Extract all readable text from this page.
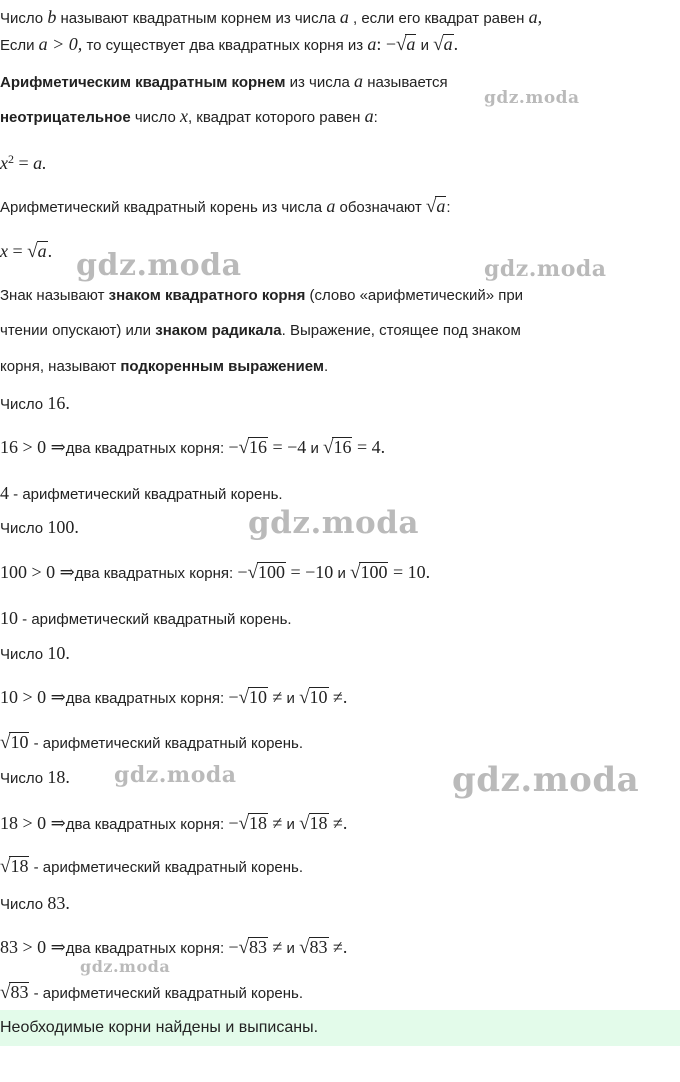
Число b называют квадратным корнем из числа a , если его квадрат равен a,
Если a > 0, то существует два квадратных корня из a: −√a и √a.
Арифметическим квадратным корнем из числа a называется
неотрицательное число x, квадрат которого равен a:
$x^2 = a$.
Арифметический квадратный корень из числа a обозначают √a:
x = √a.
Знак называют знаком квадратного корня (слово «арифметический» при
чтении опускают) или знаком радикала. Выражение, стоящее под знаком
корня, называют подкоренным выражением.
Число 16.
16 > 0 ⇒два квадратных корня: −√16 = −4 и √16 = 4.
4 - арифметический квадратный корень.
Число 100.
100 > 0 ⇒два квадратных корня: −√100 = −10 и √100 = 10.
10 - арифметический квадратный корень.
Число 10.
10 > 0 ⇒два квадратных корня: −√10 ≠ и √10 ≠.
√10 - арифметический квадратный корень.
Число 18.
18 > 0 ⇒два квадратных корня: −√18 ≠ и √18 ≠.
√18 - арифметический квадратный корень.
Число 83.
83 > 0 ⇒два квадратных корня: −√83 ≠ и √83 ≠.
√83 - арифметический квадратный корень.
Необходимые корни найдены и выписаны.
gdz.moda
gdz.moda	gdz.moda
gdz.moda
gdz.moda	gdz.moda
gdz.moda
